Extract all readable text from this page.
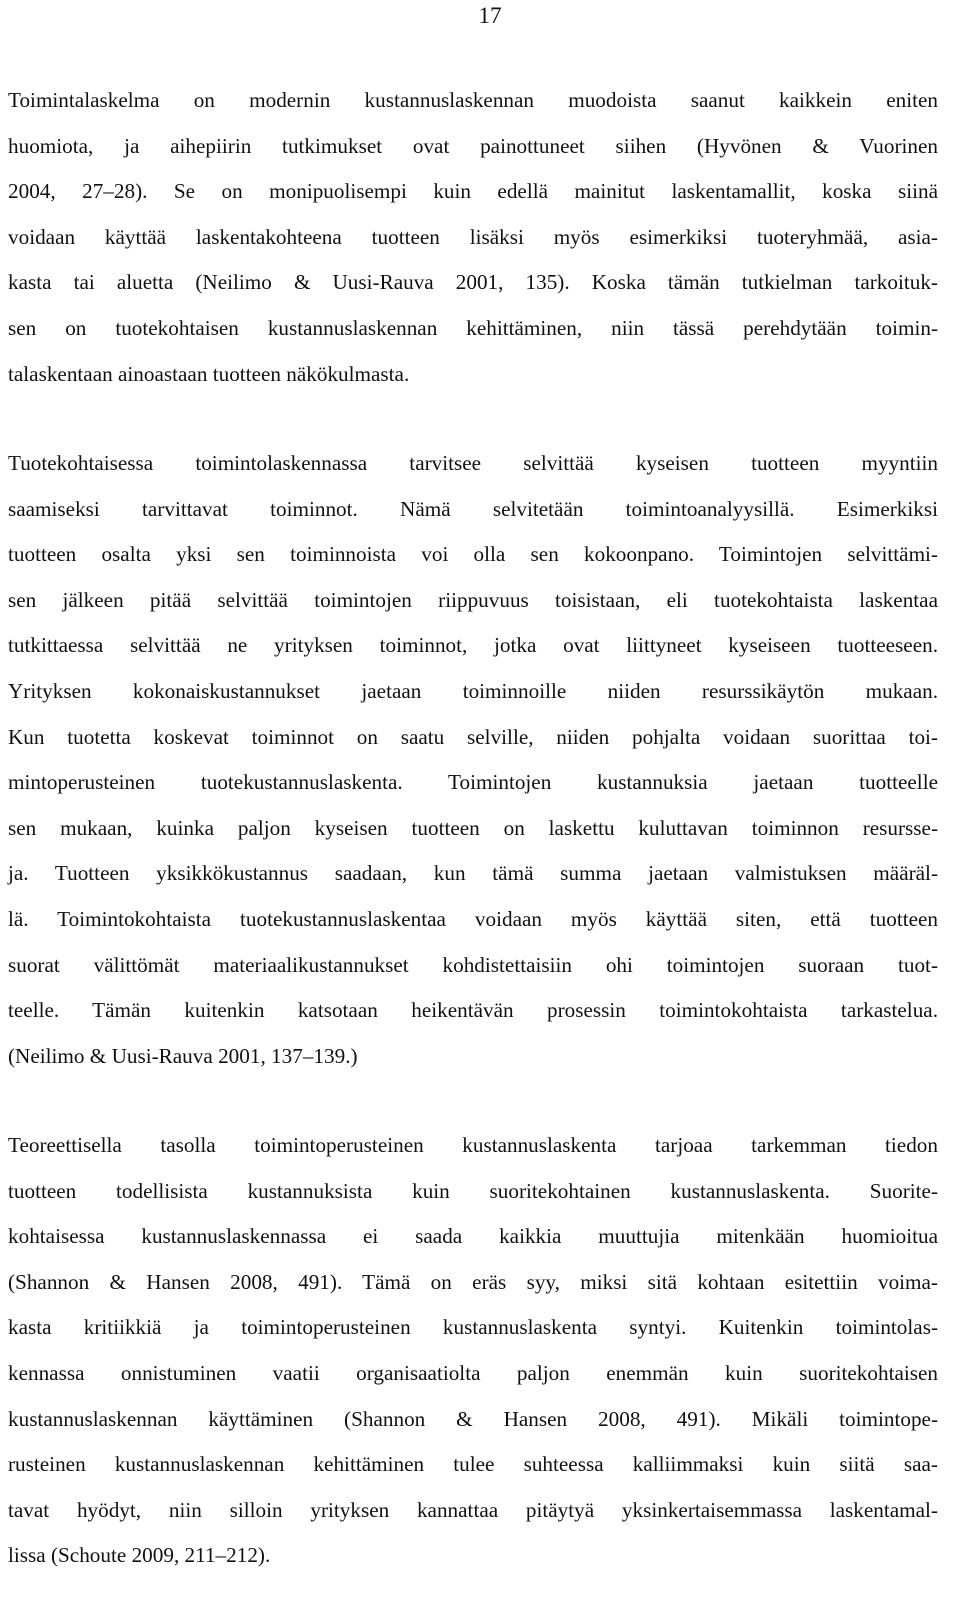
17

Toimintalaskelma on modernin kustannuslaskennan muodoista saanut kaikkein eniten
huomiota, ja aihepiirin tutkimukset ovat painottuneet siihen (Hyvönen & Vuorinen
2004, 27–28). Se on monipuolisempi kuin edellä mainitut laskentamallit, koska siinä
voidaan käyttää laskentakohteena tuotteen lisäksi myös esimerkiksi tuoteryhmää, asia-
kasta tai aluetta (Neilimo & Uusi-Rauva 2001, 135). Koska tämän tutkielman tarkoituk-
sen on tuotekohtaisen kustannuslaskennan kehittäminen, niin tässä perehdytään toimin-
talaskentaan ainoastaan tuotteen näkökulmasta.
Tuotekohtaisessa toimintolaskennassa tarvitsee selvittää kyseisen tuotteen myyntiin
saamiseksi tarvittavat toiminnot. Nämä selvitetään toimintoanalyysillä. Esimerkiksi
tuotteen osalta yksi sen toiminnoista voi olla sen kokoonpano. Toimintojen selvittämi-
sen jälkeen pitää selvittää toimintojen riippuvuus toisistaan, eli tuotekohtaista laskentaa
tutkittaessa selvittää ne yrityksen toiminnot, jotka ovat liittyneet kyseiseen tuotteeseen.
Yrityksen kokonaiskustannukset jaetaan toiminnoille niiden resurssikäytön mukaan.
Kun tuotetta koskevat toiminnot on saatu selville, niiden pohjalta voidaan suorittaa toi-
mintoperusteinen tuotekustannuslaskenta. Toimintojen kustannuksia jaetaan tuotteelle
sen mukaan, kuinka paljon kyseisen tuotteen on laskettu kuluttavan toiminnon resursse-
ja. Tuotteen yksikkökustannus saadaan, kun tämä summa jaetaan valmistuksen määräl-
lä. Toimintokohtaista tuotekustannuslaskentaa voidaan myös käyttää siten, että tuotteen
suorat välittömät materiaalikustannukset kohdistettaisiin ohi toimintojen suoraan tuot-
teelle. Tämän kuitenkin katsotaan heikentävän prosessin toimintokohtaista tarkastelua.
(Neilimo & Uusi-Rauva 2001, 137–139.)
Teoreettisella tasolla toimintoperusteinen kustannuslaskenta tarjoaa tarkemman tiedon
tuotteen todellisista kustannuksista kuin suoritekohtainen kustannuslaskenta. Suorite-
kohtaisessa kustannuslaskennassa ei saada kaikkia muuttujia mitenkään huomioitua
(Shannon & Hansen 2008, 491). Tämä on eräs syy, miksi sitä kohtaan esitettiin voima-
kasta kritiikkiä ja toimintoperusteinen kustannuslaskenta syntyi. Kuitenkin toimintolas-
kennassa onnistuminen vaatii organisaatiolta paljon enemmän kuin suoritekohtaisen
kustannuslaskennan käyttäminen (Shannon & Hansen 2008, 491). Mikäli toimintope-
rusteinen kustannuslaskennan kehittäminen tulee suhteessa kalliimmaksi kuin siitä saa-
tavat hyödyt, niin silloin yrityksen kannattaa pitäytyä yksinkertaisemmassa laskentamal-
lissa (Schoute 2009, 211–212).
